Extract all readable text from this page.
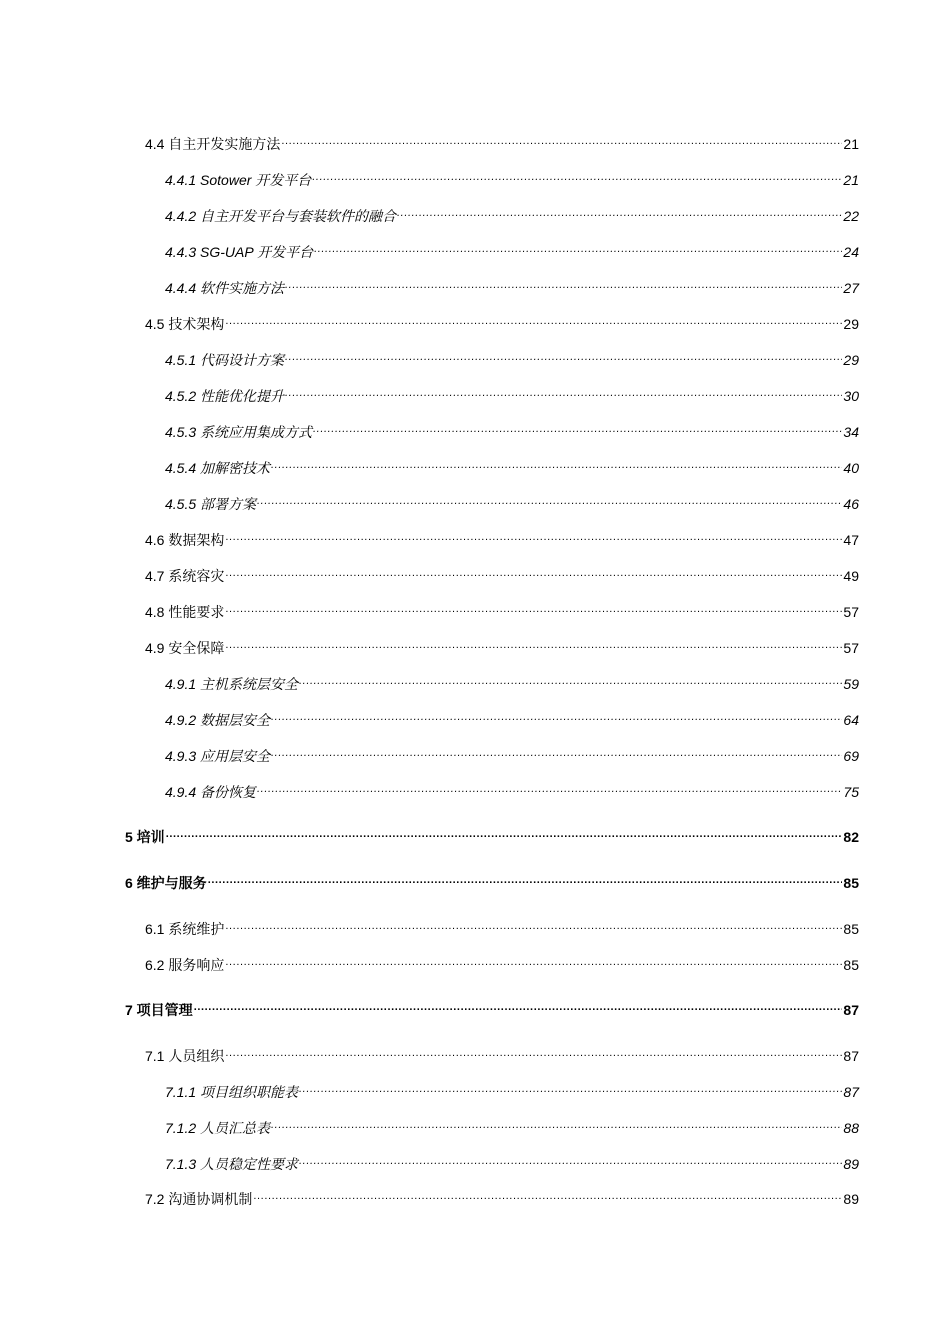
4.4 自主开发实施方法 .....	21
4.4.1 Sotower 开发平台 .....	21
4.4.2 自主开发平台与套装软件的融合 .....	22
4.4.3 SG-UAP 开发平台 .....	24
4.4.4 软件实施方法 .....	27
4.5 技术架构 .....	29
4.5.1 代码设计方案 .....	29
4.5.2 性能优化提升 .....	30
4.5.3 系统应用集成方式 .....	34
4.5.4 加解密技术 .....	40
4.5.5 部署方案 .....	46
4.6 数据架构 .....	47
4.7 系统容灾 .....	49
4.8 性能要求 .....	57
4.9 安全保障 .....	57
4.9.1 主机系统层安全 .....	59
4.9.2 数据层安全 .....	64
4.9.3 应用层安全 .....	69
4.9.4 备份恢复 .....	75
5 培训 .....	82
6 维护与服务 .....	85
6.1 系统维护 .....	85
6.2 服务响应 .....	85
7 项目管理 .....	87
7.1 人员组织 .....	87
7.1.1 项目组织职能表 .....	87
7.1.2 人员汇总表 .....	88
7.1.3 人员稳定性要求 .....	89
7.2 沟通协调机制 .....	89
